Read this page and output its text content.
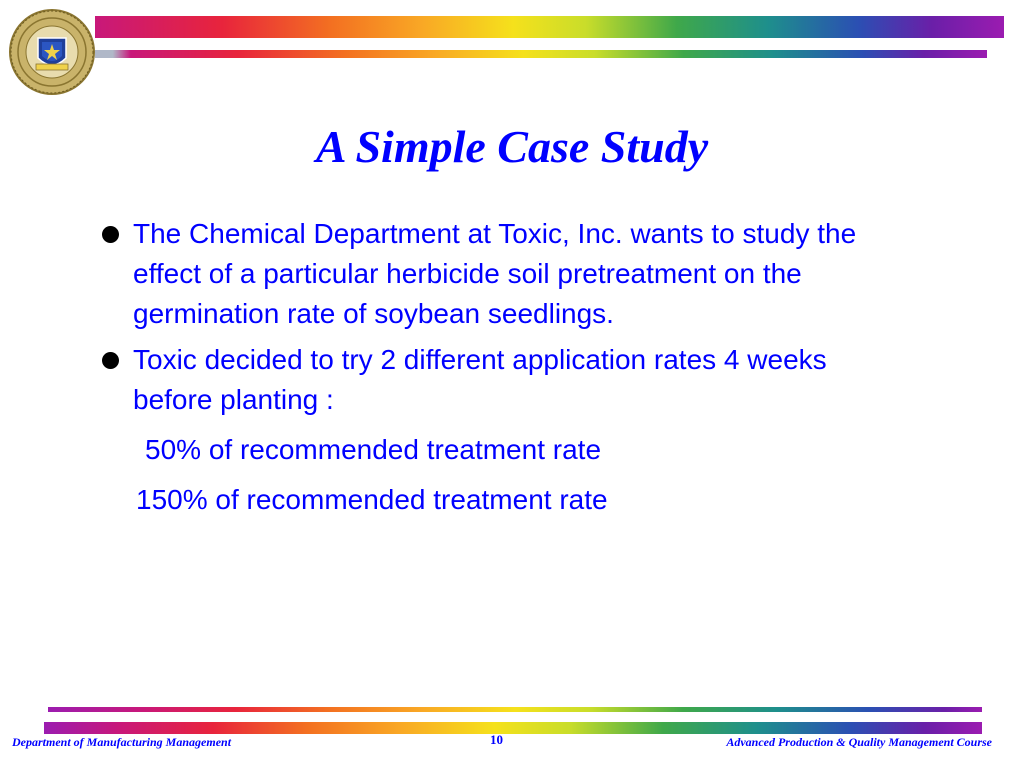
A Simple Case Study
The Chemical Department at Toxic, Inc. wants to study the effect of a particular herbicide soil pretreatment on the germination rate of soybean seedlings.
Toxic decided to try 2 different application rates 4 weeks before planting :
50% of recommended treatment rate
150% of recommended treatment rate
Department of Manufacturing Management	10	Advanced Production & Quality Management Course
